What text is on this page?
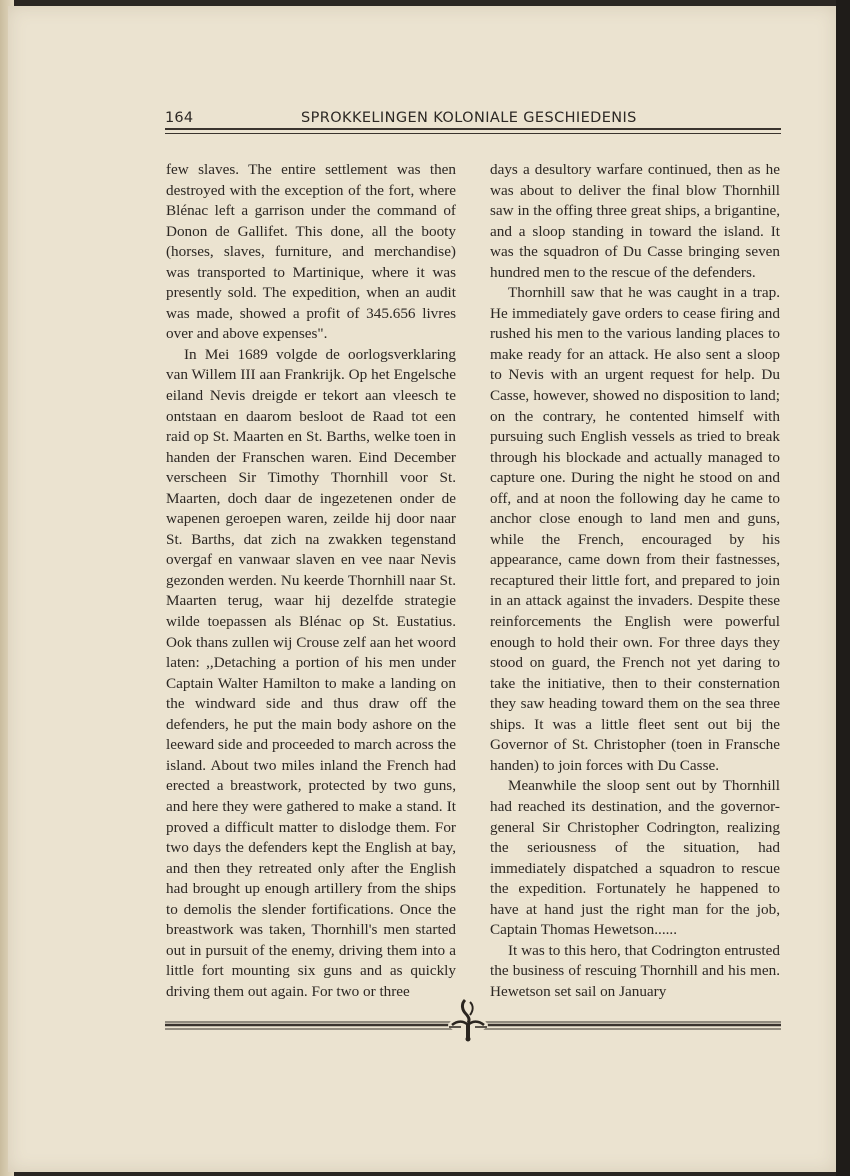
164	SPROKKELINGEN KOLONIALE GESCHIEDENIS

few slaves. The entire settlement was then destroyed with the exception of the fort, where Blénac left a garrison under the command of Donon de Gallifet. This done, all the booty (horses, slaves, furniture, and merchandise) was transported to Martinique, where it was presently sold. The expedition, when an audit was made, showed a profit of 345.656 livres over and above expenses".

In Mei 1689 volgde de oorlogsverklaring van Willem III aan Frankrijk. Op het Engelsche eiland Nevis dreigde er tekort aan vleesch te ontstaan en daarom besloot de Raad tot een raid op St. Maarten en St. Barths, welke toen in handen der Franschen waren. Eind December verscheen Sir Timothy Thornhill voor St. Maarten, doch daar de ingezetenen onder de wapenen geroepen waren, zeilde hij door naar St. Barths, dat zich na zwakken tegenstand overgaf en vanwaar slaven en vee naar Nevis gezonden werden. Nu keerde Thornhill naar St. Maarten terug, waar hij dezelfde strategie wilde toepassen als Blénac op St. Eustatius. Ook thans zullen wij Crouse zelf aan het woord laten: ,,Detaching a portion of his men under Captain Walter Hamilton to make a landing on the windward side and thus draw off the defenders, he put the main body ashore on the leeward side and proceeded to march across the island. About two miles inland the French had erected a breastwork, protected by two guns, and here they were gathered to make a stand. It proved a difficult matter to dislodge them. For two days the defenders kept the English at bay, and then they retreated only after the English had brought up enough artillery from the ships to demolis the slender fortifications. Once the breastwork was taken, Thornhill's men started out in pursuit of the enemy, driving them into a little fort mounting six guns and as quickly driving them out again. For two or three

days a desultory warfare continued, then as he was about to deliver the final blow Thornhill saw in the offing three great ships, a brigantine, and a sloop standing in toward the island. It was the squadron of Du Casse bringing seven hundred men to the rescue of the defenders.

Thornhill saw that he was caught in a trap. He immediately gave orders to cease firing and rushed his men to the various landing places to make ready for an attack. He also sent a sloop to Nevis with an urgent request for help. Du Casse, however, showed no disposition to land; on the contrary, he contented himself with pursuing such English vessels as tried to break through his blockade and actually managed to capture one. During the night he stood on and off, and at noon the following day he came to anchor close enough to land men and guns, while the French, encouraged by his appearance, came down from their fastnesses, recaptured their little fort, and prepared to join in an attack against the invaders. Despite these reinforcements the English were powerful enough to hold their own. For three days they stood on guard, the French not yet daring to take the initiative, then to their consternation they saw heading toward them on the sea three ships. It was a little fleet sent out bij the Governor of St. Christopher (toen in Fransche handen) to join forces with Du Casse.

Meanwhile the sloop sent out by Thornhill had reached its destination, and the governor-general Sir Christopher Codrington, realizing the seriousness of the situation, had immediately dispatched a squadron to rescue the expedition. Fortunately he happened to have at hand just the right man for the job, Captain Thomas Hewetson......

It was to this hero, that Codrington entrusted the business of rescuing Thornhill and his men. Hewetson set sail on January
